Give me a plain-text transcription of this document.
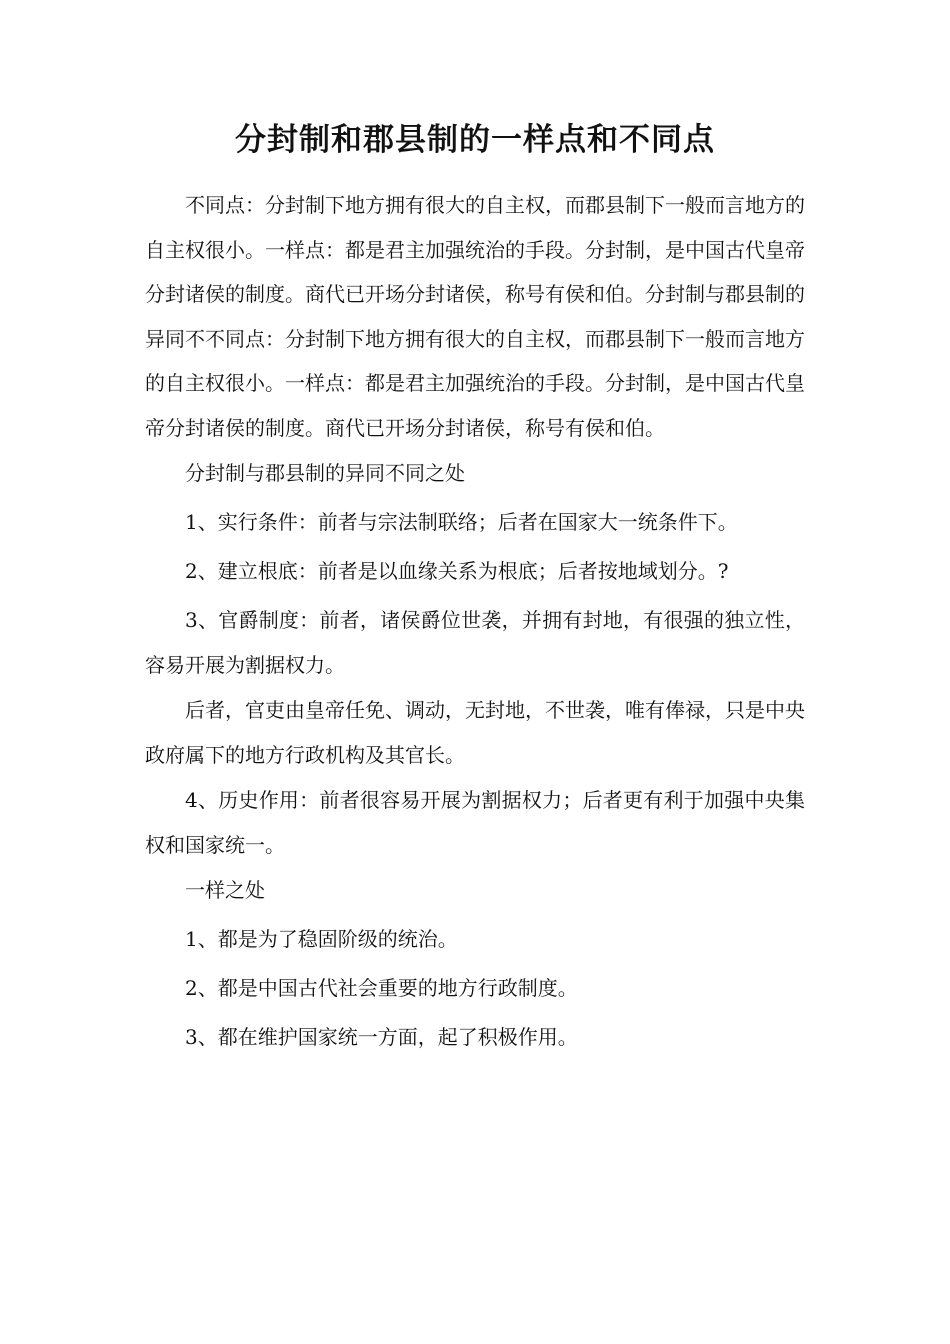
分封制和郡县制的一样点和不同点

不同点：分封制下地方拥有很大的自主权，而郡县制下一般而言地方的自主权很小。一样点：都是君主加强统治的手段。分封制，是中国古代皇帝分封诸侯的制度。商代已开场分封诸侯，称号有侯和伯。分封制与郡县制的异同不不同点：分封制下地方拥有很大的自主权，而郡县制下一般而言地方的自主权很小。一样点：都是君主加强统治的手段。分封制，是中国古代皇帝分封诸侯的制度。商代已开场分封诸侯，称号有侯和伯。

分封制与郡县制的异同不同之处

1、实行条件：前者与宗法制联络；后者在国家大一统条件下。

2、建立根底：前者是以血缘关系为根底；后者按地域划分。?

3、官爵制度：前者，诸侯爵位世袭，并拥有封地，有很强的独立性，容易开展为割据权力。

后者，官吏由皇帝任免、调动，无封地，不世袭，唯有俸禄，只是中央政府属下的地方行政机构及其官长。

4、历史作用：前者很容易开展为割据权力；后者更有利于加强中央集权和国家统一。

一样之处

1、都是为了稳固阶级的统治。

2、都是中国古代社会重要的地方行政制度。

3、都在维护国家统一方面，起了积极作用。
